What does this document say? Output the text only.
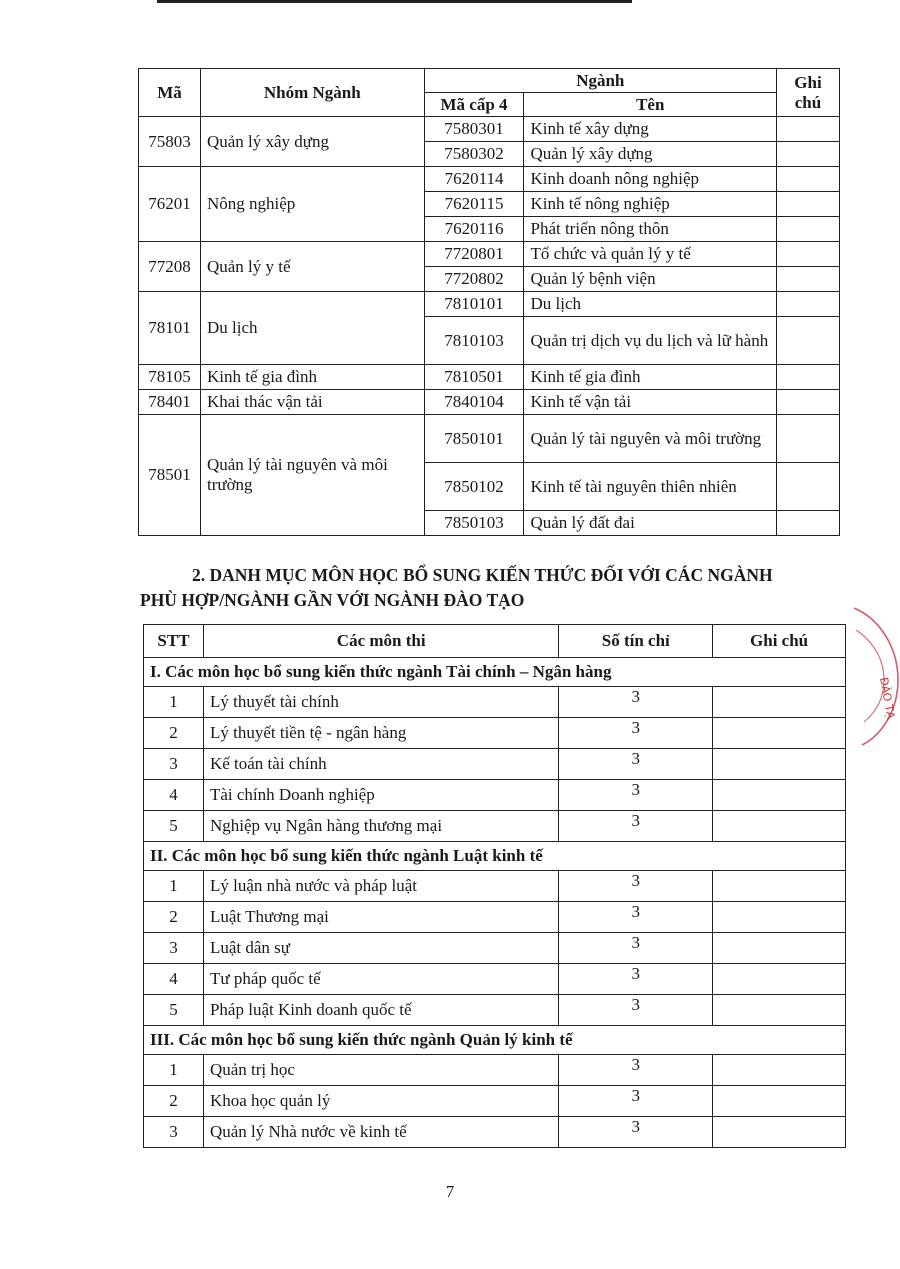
Mã	Nhóm Ngành	Ngành		Ghi chú
		Mã cấp 4	Tên	
75803	Quản lý xây dựng	7580301	Kinh tế xây dựng	
		7580302	Quản lý xây dựng	
76201	Nông nghiệp	7620114	Kinh doanh nông nghiệp	
		7620115	Kinh tế nông nghiệp	
		7620116	Phát triển nông thôn	
77208	Quản lý y tế	7720801	Tổ chức và quản lý y tế	
		7720802	Quản lý bệnh viện	
78101	Du lịch	7810101	Du lịch	
		7810103	Quản trị dịch vụ du lịch và lữ hành	
78105	Kinh tế gia đình	7810501	Kinh tế gia đình	
78401	Khai thác vận tải	7840104	Kinh tế vận tải	
78501	Quản lý tài nguyên và môi trường	7850101	Quản lý tài nguyên và môi trường	
		7850102	Kinh tế tài nguyên thiên nhiên	
		7850103	Quản lý đất đai	
2. DANH MỤC MÔN HỌC BỔ SUNG KIẾN THỨC ĐỐI VỚI CÁC NGÀNH
PHÙ HỢP/NGÀNH GẦN VỚI NGÀNH ĐÀO TẠO
STT	Các môn thi	Số tín chỉ	Ghi chú
I. Các môn học bổ sung kiến thức ngành Tài chính – Ngân hàng			
1	Lý thuyết tài chính	3	
2	Lý thuyết tiền tệ - ngân hàng	3	
3	Kế toán tài chính	3	
4	Tài chính Doanh nghiệp	3	
5	Nghiệp vụ Ngân hàng thương mại	3	
II. Các môn học bổ sung kiến thức ngành Luật kinh tế			
1	Lý luận nhà nước và pháp luật	3	
2	Luật Thương mại	3	
3	Luật dân sự	3	
4	Tư pháp quốc tế	3	
5	Pháp luật Kinh doanh quốc tế	3	
III. Các môn học bổ sung kiến thức ngành Quản lý kinh tế			
1	Quản trị học	3	
2	Khoa học quản lý	3	
3	Quản lý Nhà nước về kinh tế	3	
7
ĐÀO TẠ
